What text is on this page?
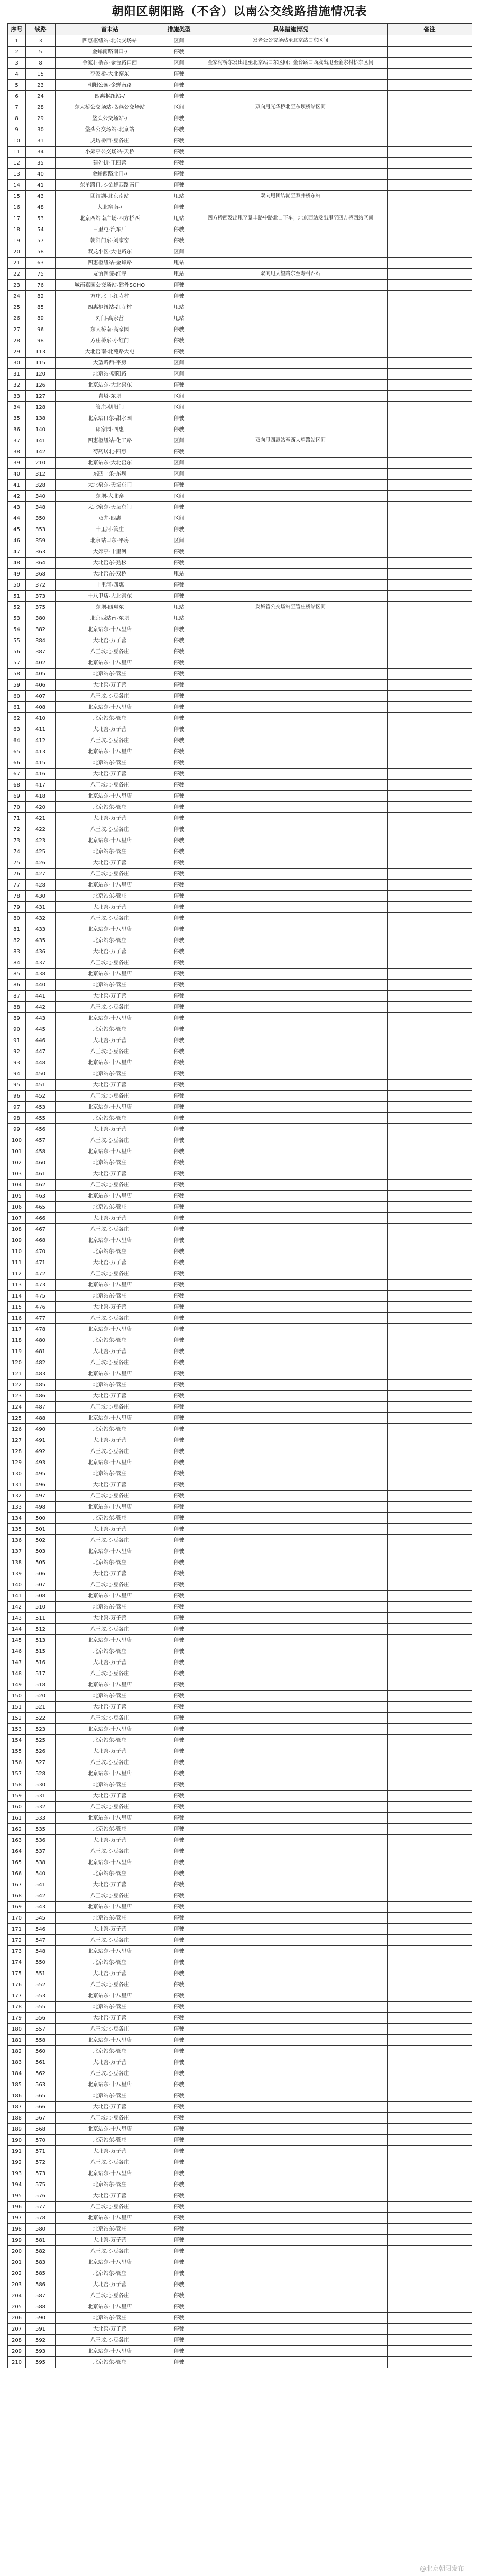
朝阳区朝阳路（不含）以南公交线路措施情况表
序号	线路	首末站	措施类型	具体措施情况	备注
1	3	四惠枢纽站-北公交场站	区间	发老公公交场站至北京站口东区间	
2	5	金蝉南路南口-/	停驶		
3	8	金家村桥东-金台路口西	区间	金家村桥东发出甩至北京站口东区间；金台路口西发出甩至金家村桥东区间	
4	15	李家桥-大北窑东	停驶		
5	23	朝阳公园-金蝉南路	停驶		
6	24	四惠枢纽站-/	停驶		
7	28	东大桥公交场站-弘燕公交场站	区间	双向甩光华桥北至东坝桥站区间	
8	29	垡头公交场站-/	停驶		
9	30	垡头公交场站-北京站	停驶		
10	31	虎坊桥西-豆各庄	停驶		
11	34	小郊亭公交场站-天桥	停驶		
12	35	建外街-王四营	停驶		
13	40	金蝉西路北口-/	停驶		
14	41	东单路口北-金蝉西路南口	停驶		
15	43	团结湖-北京南站	甩站	双向甩团结湖至双井桥东站	
16	48	大北窑南-/	停驶		
17	53	北京西站南广场-四方桥西	甩站	四方桥西发出甩至景丰路中路北口下车；北京西站发出甩至四方桥西站区间	
18	54	三里屯-汽车厂	停驶		
19	57	朝阳门东-刘家窑	停驶		
20	58	双龙小区-大屯路东	区间		
21	63	四惠枢纽站-金蝉路	甩站		
22	75	友谊医院-红寺	甩站	双向甩大望路东至寿村西站	
23	76	城南嘉园公交场站-建外SOHO	停驶		
24	82	方庄北口-红寺村	停驶		
25	85	四惠枢纽站-红寺村	甩站		
26	89	刘门-高家营	甩站		
27	96	东大桥南-高家园	停驶		
28	98	方庄桥东-小红门	停驶		
29	113	大北窑南-北苑路大屯	停驶		
30	115	大望路西-平房	区间		
31	120	北京站-朝阳路	区间		
32	126	北京站东-大北窑东	停驶		
33	127	青塔-东坝	区间		
34	128	管庄-朝阳门	区间		
35	138	北京站口东-甜水园	停驶		
36	140	郎家园-四惠	停驶		
37	141	四惠枢纽站-化工路	区间	双向甩四惠站至西大望路站区间	
38	142	芍药居北-四惠	停驶		
39	210	北京站东-大北窑东	区间		
40	312	东四十条-东坝	区间		
41	328	大北窑东-天坛东门	停驶		
42	340	东坝-大北窑	区间		
43	348	大北窑东-天坛东门	停驶		
44	350	双井-四惠	区间		
45	353	十里河-管庄	停驶		
46	359	北京站口东-平房	区间		
47	363	大郊亭-十里河	停驶		
48	364	大北窑东-劲松	停驶		
49	368	大北窑东-双桥	甩站		
50	372	十里河-四惠	停驶		
51	373	十八里店-大北窑东	停驶		
52	375	东坝-四惠东	甩站	发城管公交场站至管庄桥站区间	
53	380	北京西站南-东坝	甩站		
54	382	北京站东-十八里店	停驶		
55	384	大北窑-万子营	停驶		
56	387	八王坟北-豆各庄	停驶		
57	402	北京站东-十八里店	停驶		
58	405	北京站东-管庄	停驶		
59	406	大北窑-万子营	停驶		
60	407	八王坟北-豆各庄	停驶		
61	408	北京站东-十八里店	停驶		
62	410	北京站东-管庄	停驶		
63	411	大北窑-万子营	停驶		
64	412	八王坟北-豆各庄	停驶		
65	413	北京站东-十八里店	停驶		
66	415	北京站东-管庄	停驶		
67	416	大北窑-万子营	停驶		
68	417	八王坟北-豆各庄	停驶		
69	418	北京站东-十八里店	停驶		
70	420	北京站东-管庄	停驶		
71	421	大北窑-万子营	停驶		
72	422	八王坟北-豆各庄	停驶		
73	423	北京站东-十八里店	停驶		
74	425	北京站东-管庄	停驶		
75	426	大北窑-万子营	停驶		
76	427	八王坟北-豆各庄	停驶		
77	428	北京站东-十八里店	停驶		
78	430	北京站东-管庄	停驶		
79	431	大北窑-万子营	停驶		
80	432	八王坟北-豆各庄	停驶		
81	433	北京站东-十八里店	停驶		
82	435	北京站东-管庄	停驶		
83	436	大北窑-万子营	停驶		
84	437	八王坟北-豆各庄	停驶		
85	438	北京站东-十八里店	停驶		
86	440	北京站东-管庄	停驶		
87	441	大北窑-万子营	停驶		
88	442	八王坟北-豆各庄	停驶		
89	443	北京站东-十八里店	停驶		
90	445	北京站东-管庄	停驶		
91	446	大北窑-万子营	停驶		
92	447	八王坟北-豆各庄	停驶		
93	448	北京站东-十八里店	停驶		
94	450	北京站东-管庄	停驶		
95	451	大北窑-万子营	停驶		
96	452	八王坟北-豆各庄	停驶		
97	453	北京站东-十八里店	停驶		
98	455	北京站东-管庄	停驶		
99	456	大北窑-万子营	停驶		
100	457	八王坟北-豆各庄	停驶		
101	458	北京站东-十八里店	停驶		
102	460	北京站东-管庄	停驶		
103	461	大北窑-万子营	停驶		
104	462	八王坟北-豆各庄	停驶		
105	463	北京站东-十八里店	停驶		
106	465	北京站东-管庄	停驶		
107	466	大北窑-万子营	停驶		
108	467	八王坟北-豆各庄	停驶		
109	468	北京站东-十八里店	停驶		
110	470	北京站东-管庄	停驶		
111	471	大北窑-万子营	停驶		
112	472	八王坟北-豆各庄	停驶		
113	473	北京站东-十八里店	停驶		
114	475	北京站东-管庄	停驶		
115	476	大北窑-万子营	停驶		
116	477	八王坟北-豆各庄	停驶		
117	478	北京站东-十八里店	停驶		
118	480	北京站东-管庄	停驶		
119	481	大北窑-万子营	停驶		
120	482	八王坟北-豆各庄	停驶		
121	483	北京站东-十八里店	停驶		
122	485	北京站东-管庄	停驶		
123	486	大北窑-万子营	停驶		
124	487	八王坟北-豆各庄	停驶		
125	488	北京站东-十八里店	停驶		
126	490	北京站东-管庄	停驶		
127	491	大北窑-万子营	停驶		
128	492	八王坟北-豆各庄	停驶		
129	493	北京站东-十八里店	停驶		
130	495	北京站东-管庄	停驶		
131	496	大北窑-万子营	停驶		
132	497	八王坟北-豆各庄	停驶		
133	498	北京站东-十八里店	停驶		
134	500	北京站东-管庄	停驶		
135	501	大北窑-万子营	停驶		
136	502	八王坟北-豆各庄	停驶		
137	503	北京站东-十八里店	停驶		
138	505	北京站东-管庄	停驶		
139	506	大北窑-万子营	停驶		
140	507	八王坟北-豆各庄	停驶		
141	508	北京站东-十八里店	停驶		
142	510	北京站东-管庄	停驶		
143	511	大北窑-万子营	停驶		
144	512	八王坟北-豆各庄	停驶		
145	513	北京站东-十八里店	停驶		
146	515	北京站东-管庄	停驶		
147	516	大北窑-万子营	停驶		
148	517	八王坟北-豆各庄	停驶		
149	518	北京站东-十八里店	停驶		
150	520	北京站东-管庄	停驶		
151	521	大北窑-万子营	停驶		
152	522	八王坟北-豆各庄	停驶		
153	523	北京站东-十八里店	停驶		
154	525	北京站东-管庄	停驶		
155	526	大北窑-万子营	停驶		
156	527	八王坟北-豆各庄	停驶		
157	528	北京站东-十八里店	停驶		
158	530	北京站东-管庄	停驶		
159	531	大北窑-万子营	停驶		
160	532	八王坟北-豆各庄	停驶		
161	533	北京站东-十八里店	停驶		
162	535	北京站东-管庄	停驶		
163	536	大北窑-万子营	停驶		
164	537	八王坟北-豆各庄	停驶		
165	538	北京站东-十八里店	停驶		
166	540	北京站东-管庄	停驶		
167	541	大北窑-万子营	停驶		
168	542	八王坟北-豆各庄	停驶		
169	543	北京站东-十八里店	停驶		
170	545	北京站东-管庄	停驶		
171	546	大北窑-万子营	停驶		
172	547	八王坟北-豆各庄	停驶		
173	548	北京站东-十八里店	停驶		
174	550	北京站东-管庄	停驶		
175	551	大北窑-万子营	停驶		
176	552	八王坟北-豆各庄	停驶		
177	553	北京站东-十八里店	停驶		
178	555	北京站东-管庄	停驶		
179	556	大北窑-万子营	停驶		
180	557	八王坟北-豆各庄	停驶		
181	558	北京站东-十八里店	停驶		
182	560	北京站东-管庄	停驶		
183	561	大北窑-万子营	停驶		
184	562	八王坟北-豆各庄	停驶		
185	563	北京站东-十八里店	停驶		
186	565	北京站东-管庄	停驶		
187	566	大北窑-万子营	停驶		
188	567	八王坟北-豆各庄	停驶		
189	568	北京站东-十八里店	停驶		
190	570	北京站东-管庄	停驶		
191	571	大北窑-万子营	停驶		
192	572	八王坟北-豆各庄	停驶		
193	573	北京站东-十八里店	停驶		
194	575	北京站东-管庄	停驶		
195	576	大北窑-万子营	停驶		
196	577	八王坟北-豆各庄	停驶		
197	578	北京站东-十八里店	停驶		
198	580	北京站东-管庄	停驶		
199	581	大北窑-万子营	停驶		
200	582	八王坟北-豆各庄	停驶		
201	583	北京站东-十八里店	停驶		
202	585	北京站东-管庄	停驶		
203	586	大北窑-万子营	停驶		
204	587	八王坟北-豆各庄	停驶		
205	588	北京站东-十八里店	停驶		
206	590	北京站东-管庄	停驶		
207	591	大北窑-万子营	停驶		
208	592	八王坟北-豆各庄	停驶		
209	593	北京站东-十八里店	停驶		
210	595	北京站东-管庄	停驶		
@北京朝阳发布
